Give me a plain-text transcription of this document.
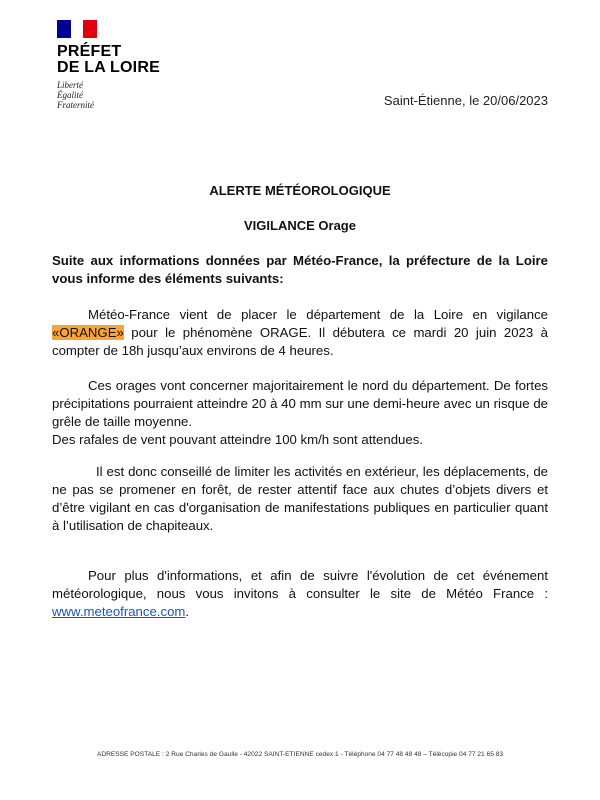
PRÉFET
DE LA LOIRE
Liberté
Égalité
Fraternité	Saint-Étienne, le 20/06/2023
ALERTE MÉTÉOROLOGIQUE
VIGILANCE Orage
Suite aux informations données par Météo-France, la préfecture de la Loire vous informe des éléments suivants:
Météo-France vient de placer le département de la Loire en vigilance «ORANGE» pour le phénomène ORAGE. Il débutera ce mardi 20 juin 2023 à compter de 18h jusqu’aux environs de 4 heures.
Ces orages vont concerner majoritairement le nord du département. De fortes précipitations pourraient atteindre 20 à 40 mm sur une demi-heure avec un risque de grêle de taille moyenne.
Des rafales de vent pouvant atteindre 100 km/h sont attendues.
Il est donc conseillé de limiter les activités en extérieur, les déplacements, de ne pas se promener en forêt, de rester attentif face aux chutes d’objets divers et d’être vigilant en cas d'organisation de manifestations publiques en particulier quant à l’utilisation de chapiteaux.
Pour plus d'informations, et afin de suivre l'évolution de cet événement météorologique, nous vous invitons à consulter le site de Météo France : www.meteofrance.com.
ADRESSE POSTALE : 2 Rue Charles de Gaulle - 42022 SAINT-ETIENNE cedex 1 - Téléphone 04 77 48 48 48 – Télécopie 04 77 21 65 83
